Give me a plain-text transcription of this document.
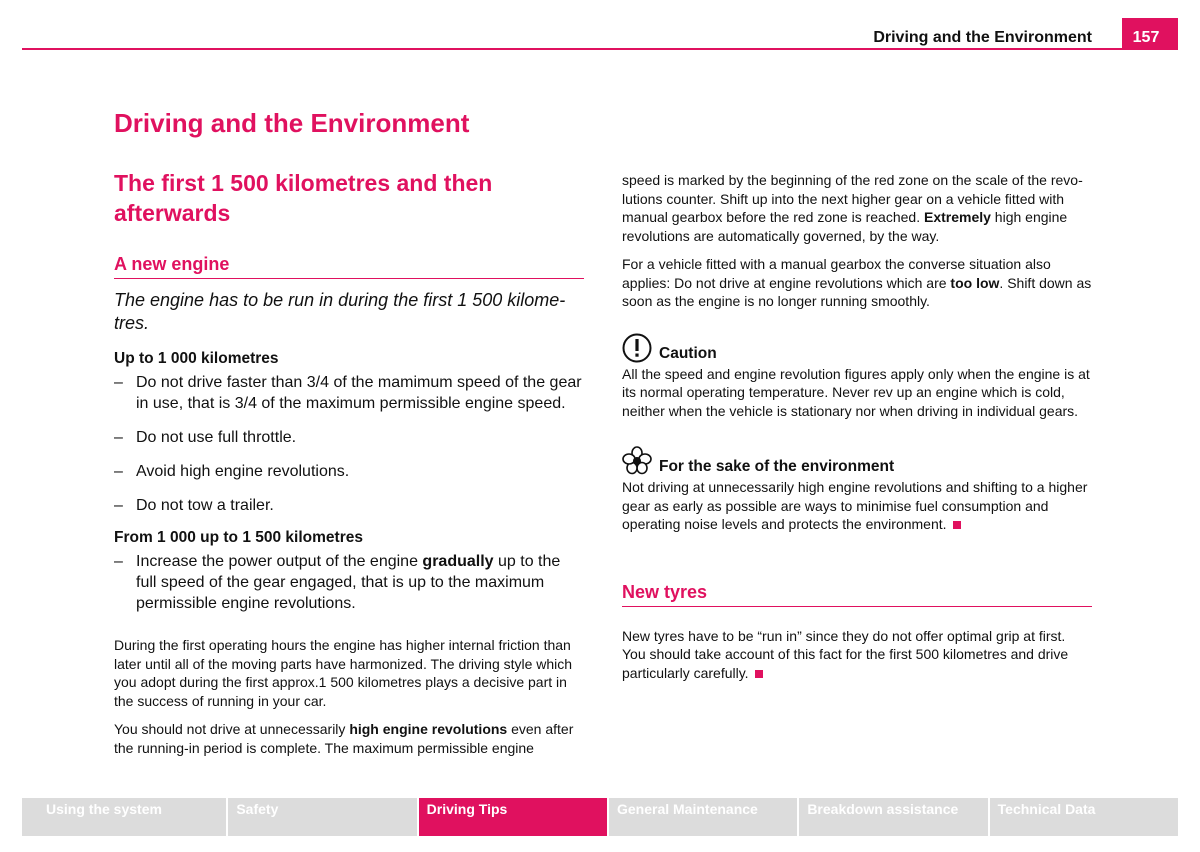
Driving and the Environment	157
Driving and the Environment
The first 1 500 kilometres and then afterwards
A new engine

The engine has to be run in during the first 1 500 kilome-tres.

Up to 1 000 kilometres
– Do not drive faster than 3/4 of the mamimum speed of the gear in use, that is 3/4 of the maximum permissible engine speed.
– Do not use full throttle.
– Avoid high engine revolutions.
– Do not tow a trailer.
From 1 000 up to 1 500 kilometres
– Increase the power output of the engine gradually up to the full speed of the gear engaged, that is up to the maximum permissible engine revolutions.

During the first operating hours the engine has higher internal friction than later until all of the moving parts have harmonized. The driving style which you adopt during the first approx.1 500 kilometres plays a decisive part in the success of running in your car.

You should not drive at unnecessarily high engine revolutions even after the running-in period is complete. The maximum permissible engine

speed is marked by the beginning of the red zone on the scale of the revo-lutions counter. Shift up into the next higher gear on a vehicle fitted with manual gearbox before the red zone is reached. Extremely high engine revolutions are automatically governed, by the way.

For a vehicle fitted with a manual gearbox the converse situation also applies: Do not drive at engine revolutions which are too low. Shift down as soon as the engine is no longer running smoothly.

Caution

All the speed and engine revolution figures apply only when the engine is at its normal operating temperature. Never rev up an engine which is cold, neither when the vehicle is stationary nor when driving in individual gears.

For the sake of the environment

Not driving at unnecessarily high engine revolutions and shifting to a higher gear as early as possible are ways to minimise fuel consumption and operating noise levels and protects the environment.

New tyres

New tyres have to be “run in” since they do not offer optimal grip at first. You should take account of this fact for the first 500 kilometres and drive particularly carefully.

Using the system	Safety	Driving Tips	General Maintenance	Breakdown assistance	Technical Data
